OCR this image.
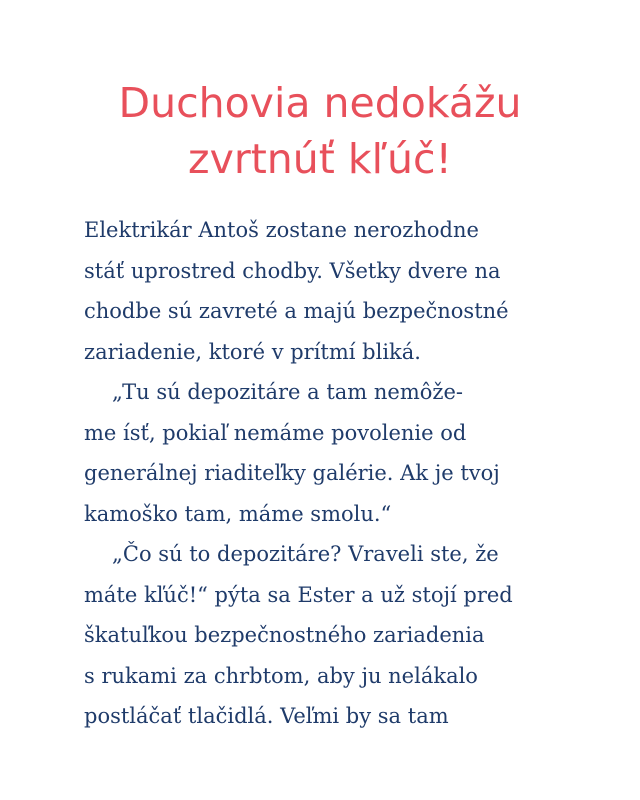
Duchovia nedokážu
zvrtnúť kľúč!
Elektrikár Antoš zostane nerozhodne
stáť uprostred chodby. Všetky dvere na
chodbe sú zavreté a majú bezpečnostné
zariadenie, ktoré v prítmí bliká.
„Tu sú depozitáre a tam nemôže-
me ísť, pokiaľ nemáme povolenie od
generálnej riaditeľky galérie. Ak je tvoj
kamoško tam, máme smolu.“
„Čo sú to depozitáre? Vraveli ste, že
máte kľúč!“ pýta sa Ester a už stojí pred
škatuľkou bezpečnostného zariadenia
s rukami za chrbtom, aby ju nelákalo
postláčať tlačidlá. Veľmi by sa tam
